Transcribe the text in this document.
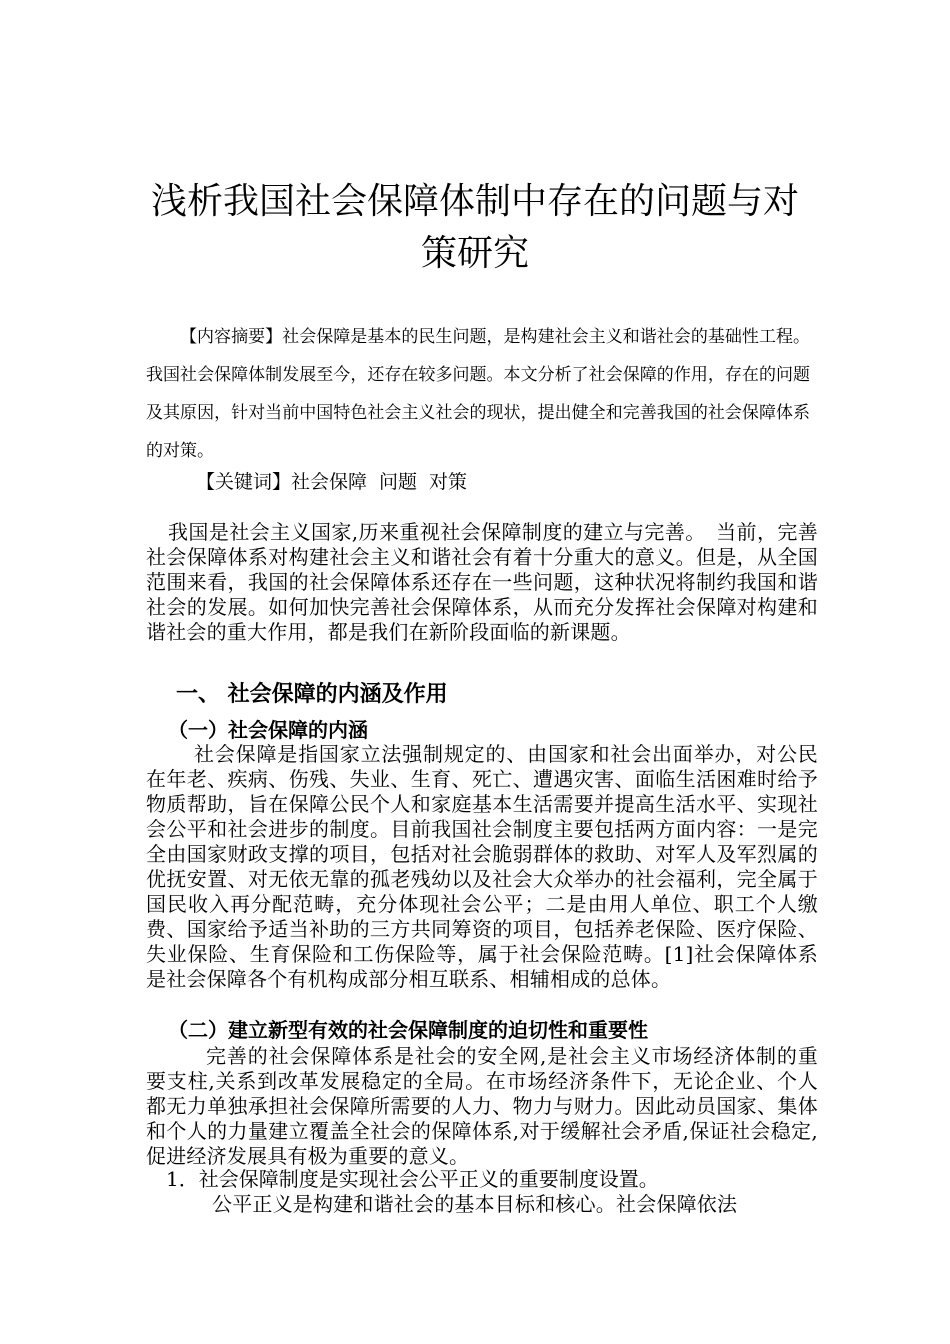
浅析我国社会保障体制中存在的问题与对
策研究

【内容摘要】社会保障是基本的民生问题，是构建社会主义和谐社会的基础性工程。我国社会保障体制发展至今，还存在较多问题。本文分析了社会保障的作用，存在的问题及其原因，针对当前中国特色社会主义社会的现状，提出健全和完善我国的社会保障体系的对策。

【关键词】社会保障 问题 对策

我国是社会主义国家,历来重视社会保障制度的建立与完善。　当前，完善社会保障体系对构建社会主义和谐社会有着十分重大的意义。但是，从全国范围来看，我国的社会保障体系还存在一些问题，这种状况将制约我国和谐社会的发展。如何加快完善社会保障体系，从而充分发挥社会保障对构建和谐社会的重大作用，都是我们在新阶段面临的新课题。

一、 社会保障的内涵及作用
（一）社会保障的内涵

社会保障是指国家立法强制规定的、由国家和社会出面举办，对公民在年老、疾病、伤残、失业、生育、死亡、遭遇灾害、面临生活困难时给予物质帮助，旨在保障公民个人和家庭基本生活需要并提高生活水平、实现社会公平和社会进步的制度。目前我国社会制度主要包括两方面内容：一是完全由国家财政支撑的项目，包括对社会脆弱群体的救助、对军人及军烈属的优抚安置、对无依无靠的孤老残幼以及社会大众举办的社会福利，完全属于国民收入再分配范畴，充分体现社会公平；二是由用人单位、职工个人缴费、国家给予适当补助的三方共同筹资的项目，包括养老保险、医疗保险、失业保险、生育保险和工伤保险等，属于社会保险范畴。[1]社会保障体系是社会保障各个有机构成部分相互联系、相辅相成的总体。

（二）建立新型有效的社会保障制度的迫切性和重要性

完善的社会保障体系是社会的安全网,是社会主义市场经济体制的重要支柱,关系到改革发展稳定的全局。在市场经济条件下，无论企业、个人都无力单独承担社会保障所需要的人力、物力与财力。因此动员国家、集体和个人的力量建立覆盖全社会的保障体系,对于缓解社会矛盾,保证社会稳定,促进经济发展具有极为重要的意义。

1．社会保障制度是实现社会公平正义的重要制度设置。

公平正义是构建和谐社会的基本目标和核心。社会保障依法
